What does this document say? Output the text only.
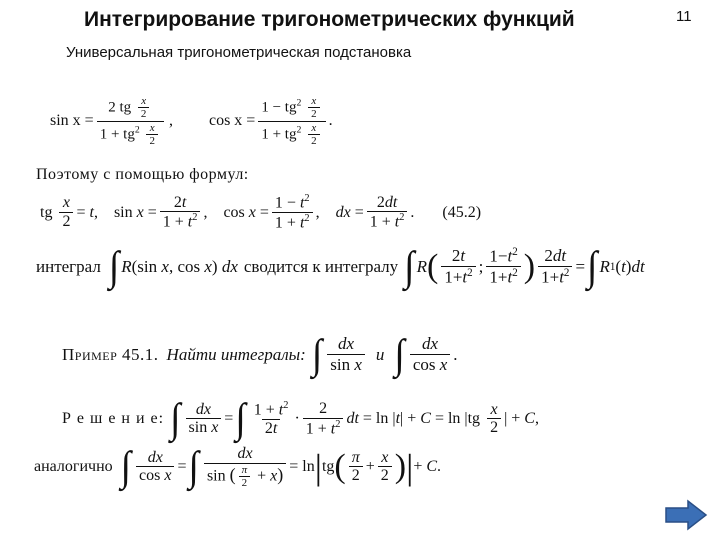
Интегрирование тригонометрических функций	11
Универсальная тригонометрическая подстановка
$\sin x = \frac{2 tg \frac{x}{2}}{1 + tg^2 \frac{x}{2}}$ , $\cos x = \frac{1 - tg^2 \frac{x}{2}}{1 + tg^2 \frac{x}{2}}$ .
Поэтому с помощью формул:
tg $\frac{x}{2} = t$, $\sin x = \frac{2t}{1 + t^2}$ , $\cos x = \frac{1 - t^2}{1 + t^2}$ , dx = $\frac{2dt}{1 + t^2}$ . (45.2)
интеграл ∫ R (sin x, cos x) dx сводится к интегралу ∫ R ( $\frac{2t}{1+t^2}$ ; $\frac{1-t^2}{1+t^2}$ ) $\frac{2dt}{1+t^2}$ = ∫ R 1 (t)dt
Пример 45.1. Найти интегралы: ∫ $\frac{dx}{\text{sin x}}$ и ∫ $\frac{dx}{\text{cos x}}$ .
Р е ш е н и е: ∫ $\frac{dx}{\text{sin x}}$ = ∫ $\frac{1 + t^2}{2t} \cdot \frac{2}{1 + t^2}$ dt = $\ln |t| + C = \ln |tg \frac{x}{2}$ | + C,
аналогично ∫ $\frac{dx}{\text{cos x}}$ = ∫ $\frac{dx}{\sin ( \frac{\pi}{2} + x)} = \ln$ | tg ( $\frac{\pi}{2} + \frac{x}{2}$ ) | + C.
